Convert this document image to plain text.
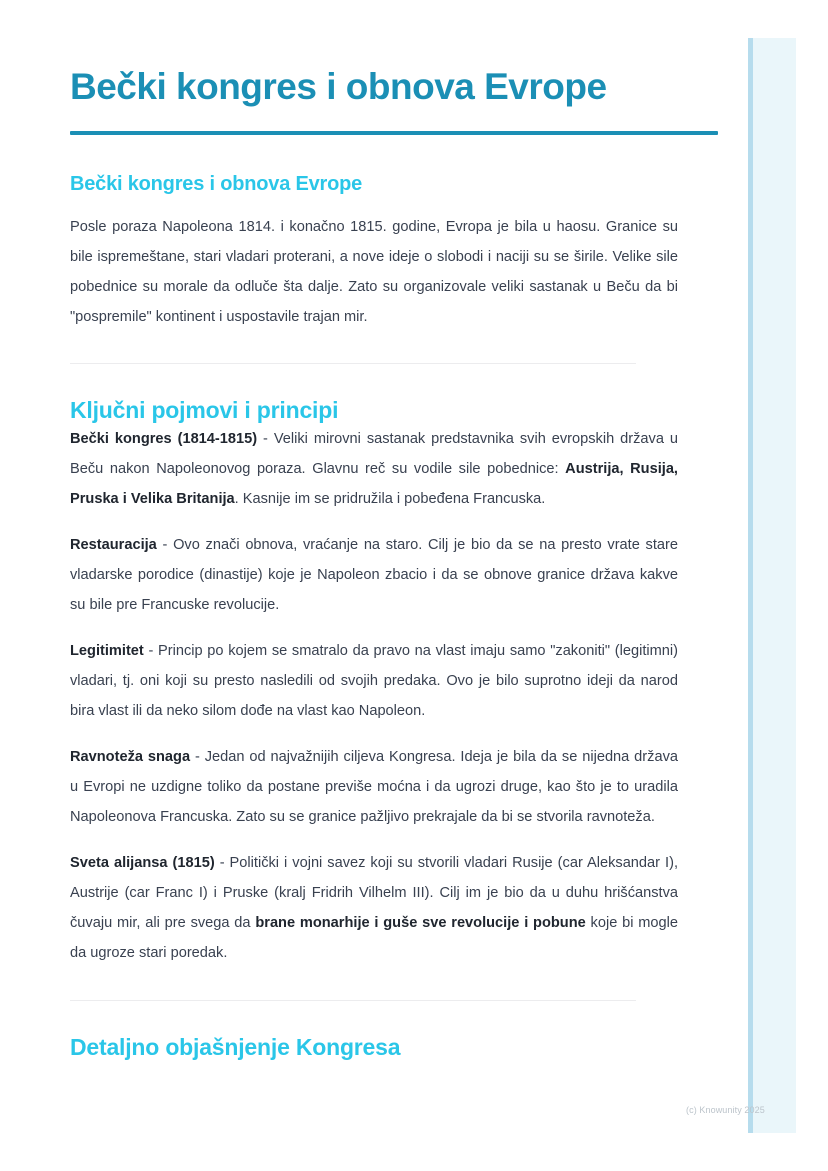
Bečki kongres i obnova Evrope
Bečki kongres i obnova Evrope

Posle poraza Napoleona 1814. i konačno 1815. godine, Evropa je bila u haosu. Granice su bile ispremeštane, stari vladari proterani, a nove ideje o slobodi i naciji su se širile. Velike sile pobednice su morale da odluče šta dalje. Zato su organizovale veliki sastanak u Beču da bi "pospremile" kontinent i uspostavile trajan mir.

Ključni pojmovi i principi

Bečki kongres (1814-1815) - Veliki mirovni sastanak predstavnika svih evropskih država u Beču nakon Napoleonovog poraza. Glavnu reč su vodile sile pobednice: Austrija, Rusija, Pruska i Velika Britanija. Kasnije im se pridružila i pobeđena Francuska.

Restauracija - Ovo znači obnova, vraćanje na staro. Cilj je bio da se na presto vrate stare vladarske porodice (dinastije) koje je Napoleon zbacio i da se obnove granice država kakve su bile pre Francuske revolucije.

Legitimitet - Princip po kojem se smatralo da pravo na vlast imaju samo "zakoniti" (legitimni) vladari, tj. oni koji su presto nasledili od svojih predaka. Ovo je bilo suprotno ideji da narod bira vlast ili da neko silom dođe na vlast kao Napoleon.

Ravnoteža snaga - Jedan od najvažnijih ciljeva Kongresa. Ideja je bila da se nijedna država u Evropi ne uzdigne toliko da postane previše moćna i da ugrozi druge, kao što je to uradila Napoleonova Francuska. Zato su se granice pažljivo prekrajale da bi se stvorila ravnoteža.

Sveta alijansa (1815) - Politički i vojni savez koji su stvorili vladari Rusije (car Aleksandar I), Austrije (car Franc I) i Pruske (kralj Fridrih Vilhelm III). Cilj im je bio da u duhu hrišćanstva čuvaju mir, ali pre svega da brane monarhije i guše sve revolucije i pobune koje bi mogle da ugroze stari poredak.

Detaljno objašnjenje Kongresa
(c) Knowunity 2025
